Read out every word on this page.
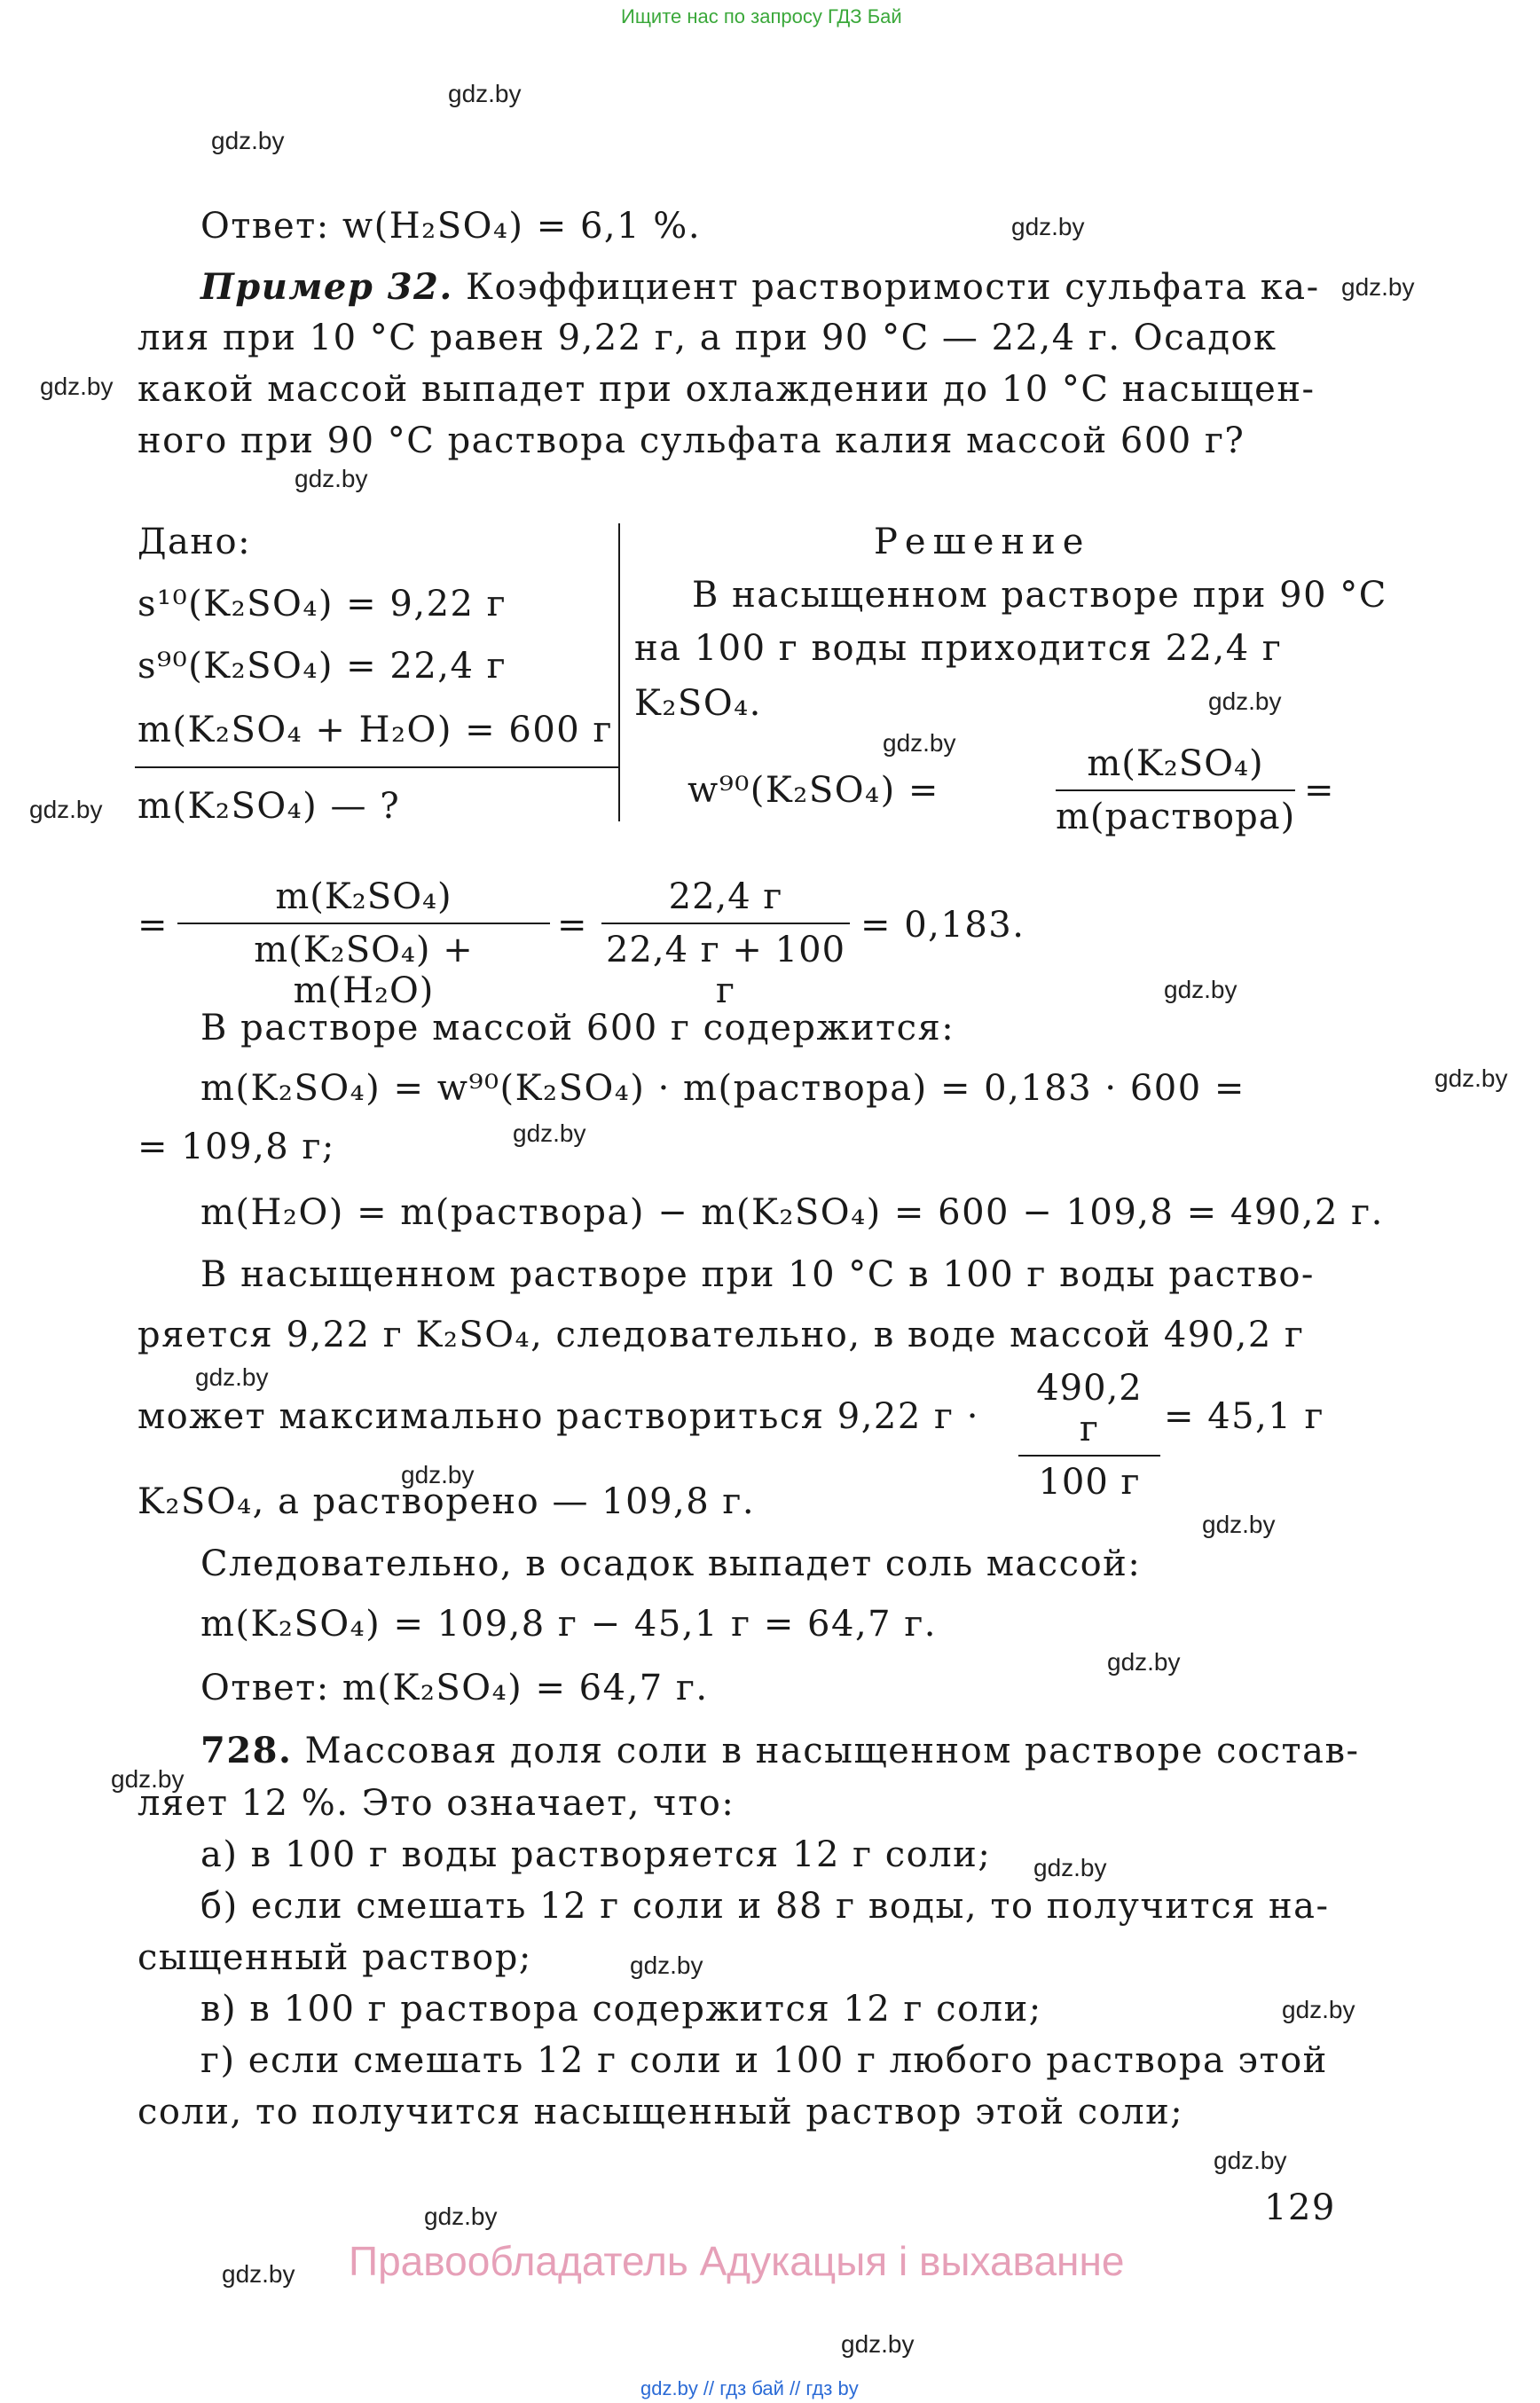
Ищите нас по запросу ГДЗ Бай
gdz.by
gdz.by
gdz.by
gdz.by
gdz.by
gdz.by
gdz.by
gdz.by
gdz.by
gdz.by
gdz.by
gdz.by
gdz.by
gdz.by
gdz.by
gdz.by
gdz.by
gdz.by
gdz.by
gdz.by
gdz.by
gdz.by
gdz.by
gdz.by
Ответ: w(H₂SO₄) = 6,1 %.
Пример 32. Коэффициент растворимости сульфата ка-
лия при 10 °С равен 9,22 г, а при 90 °С — 22,4 г. Осадок
какой массой выпадет при охлаждении до 10 °С насыщен-
ного при 90 °С раствора сульфата калия массой 600 г?
Дано:
s¹⁰(K₂SO₄) = 9,22 г
s⁹⁰(K₂SO₄) = 22,4 г
m(K₂SO₄ + H₂O) = 600 г
m(K₂SO₄) — ?
Решение
В насыщенном растворе при 90 °С
на 100 г воды приходится 22,4 г
K₂SO₄.
w⁹⁰(K₂SO₄) =
m(K₂SO₄)
m(раствора)
=
= $\frac{\text{m(K₂SO₄)}}{\text{m(K₂SO₄) + m(H₂O)}}$ =
22,4 г
22,4 г + 100 г
= 0,183.
В растворе массой 600 г содержится:
m(K₂SO₄) = w⁹⁰(K₂SO₄) · m(раствора) = 0,183 · 600 =
= 109,8 г;
m(H₂O) = m(раствора) − m(K₂SO₄) = 600 − 109,8 = 490,2 г.
В насыщенном растворе при 10 °С в 100 г воды раство-
ряется 9,22 г K₂SO₄, следовательно, в воде массой 490,2 г
может максимально раствориться 9,22 г ·
490,2 г
100 г
= 45,1 г
K₂SO₄, а растворено — 109,8 г.
Следовательно, в осадок выпадет соль массой:
m(K₂SO₄) = 109,8 г − 45,1 г = 64,7 г.
Ответ: m(K₂SO₄) = 64,7 г.
728. Массовая доля соли в насыщенном растворе состав-
ляет 12 %. Это означает, что:
а) в 100 г воды растворяется 12 г соли;
б) если смешать 12 г соли и 88 г воды, то получится на-
сыщенный раствор;
в) в 100 г раствора содержится 12 г соли;
г) если смешать 12 г соли и 100 г любого раствора этой
соли, то получится насыщенный раствор этой соли;
129
Правообладатель Адукацыя і выхаванне
gdz.by // гдз бай // гдз by
